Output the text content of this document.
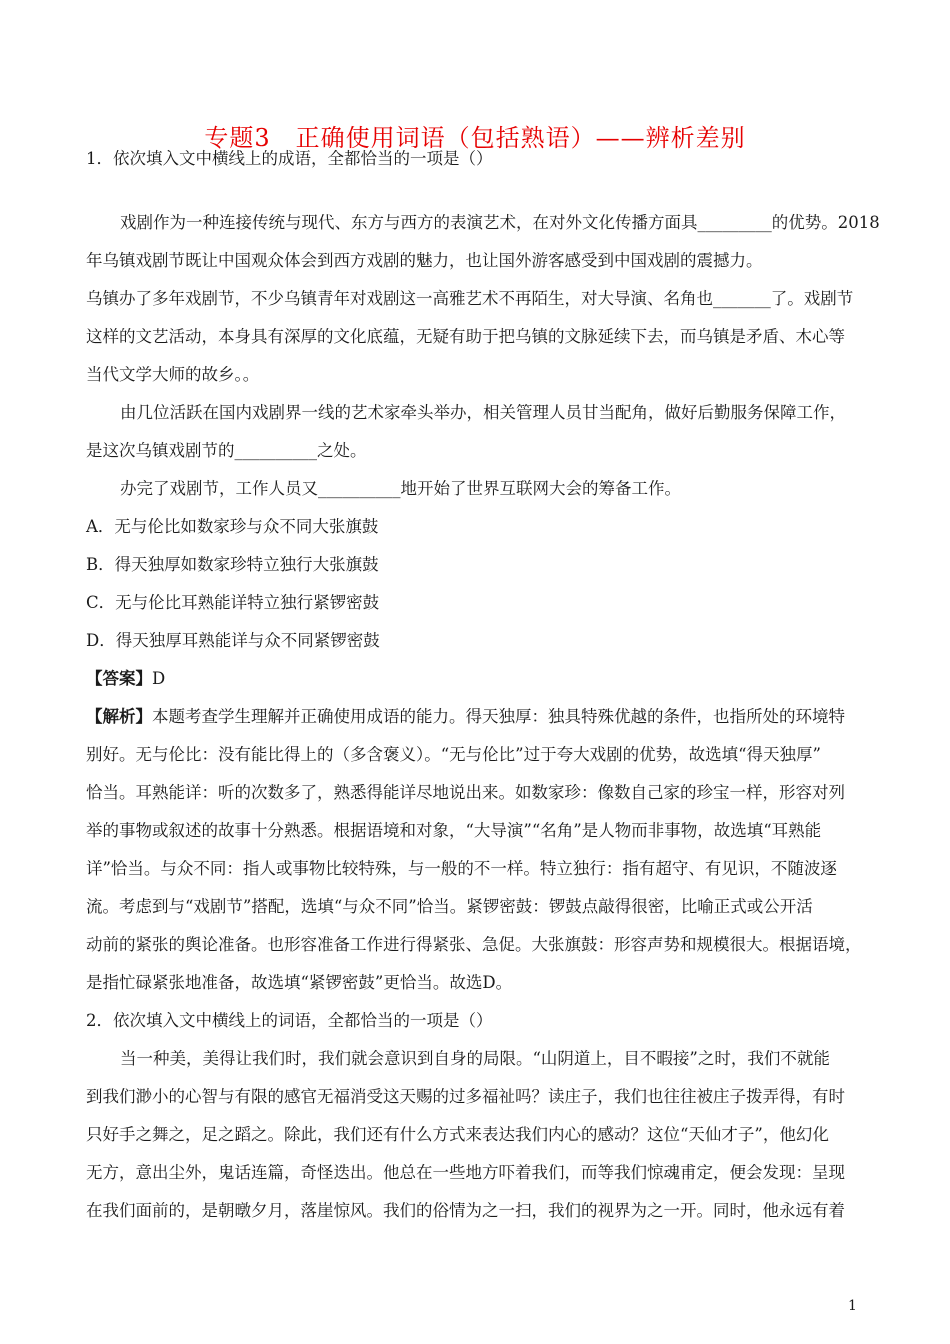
专题3　正确使用词语（包括熟语）——辨析差别
1．依次填入文中横线上的成语，全都恰当的一项是（）
戏剧作为一种连接传统与现代、东方与西方的表演艺术，在对外文化传播方面具_________的优势。2018
年乌镇戏剧节既让中国观众体会到西方戏剧的魅力，也让国外游客感受到中国戏剧的震撼力。
乌镇办了多年戏剧节，不少乌镇青年对戏剧这一高雅艺术不再陌生，对大导演、名角也_______了。戏剧节
这样的文艺活动，本身具有深厚的文化底蕴，无疑有助于把乌镇的文脉延续下去，而乌镇是矛盾、木心等
当代文学大师的故乡。。
由几位活跃在国内戏剧界一线的艺术家牵头举办，相关管理人员甘当配角，做好后勤服务保障工作，
是这次乌镇戏剧节的__________之处。
办完了戏剧节，工作人员又__________地开始了世界互联网大会的筹备工作。
A．无与伦比如数家珍与众不同大张旗鼓
B．得天独厚如数家珍特立独行大张旗鼓
C．无与伦比耳熟能详特立独行紧锣密鼓
D．得天独厚耳熟能详与众不同紧锣密鼓
【答案】D
【解析】本题考查学生理解并正确使用成语的能力。得天独厚：独具特殊优越的条件，也指所处的环境特
别好。无与伦比：没有能比得上的（多含褒义）。“无与伦比”过于夸大戏剧的优势，故选填“得天独厚”
恰当。耳熟能详：听的次数多了，熟悉得能详尽地说出来。如数家珍：像数自己家的珍宝一样，形容对列
举的事物或叙述的故事十分熟悉。根据语境和对象，“大导演”“名角”是人物而非事物，故选填“耳熟能
详”恰当。与众不同：指人或事物比较特殊，与一般的不一样。特立独行：指有超守、有见识，不随波逐
流。考虑到与“戏剧节”搭配，选填“与众不同”恰当。紧锣密鼓：锣鼓点敲得很密，比喻正式或公开活
动前的紧张的舆论准备。也形容准备工作进行得紧张、急促。大张旗鼓：形容声势和规模很大。根据语境，
是指忙碌紧张地准备，故选填“紧锣密鼓”更恰当。故选D。
2．依次填入文中横线上的词语，全都恰当的一项是（）
当一种美，美得让我们时，我们就会意识到自身的局限。“山阴道上，目不暇接”之时，我们不就能
到我们渺小的心智与有限的感官无福消受这天赐的过多福祉吗？读庄子，我们也往往被庄子拨弄得，有时
只好手之舞之，足之蹈之。除此，我们还有什么方式来表达我们内心的感动？这位“天仙才子”，他幻化
无方，意出尘外，鬼话连篇，奇怪迭出。他总在一些地方吓着我们，而等我们惊魂甫定，便会发现：呈现
在我们面前的，是朝暾夕月，落崖惊风。我们的俗情为之一扫，我们的视界为之一开。同时，他永远有着
1
